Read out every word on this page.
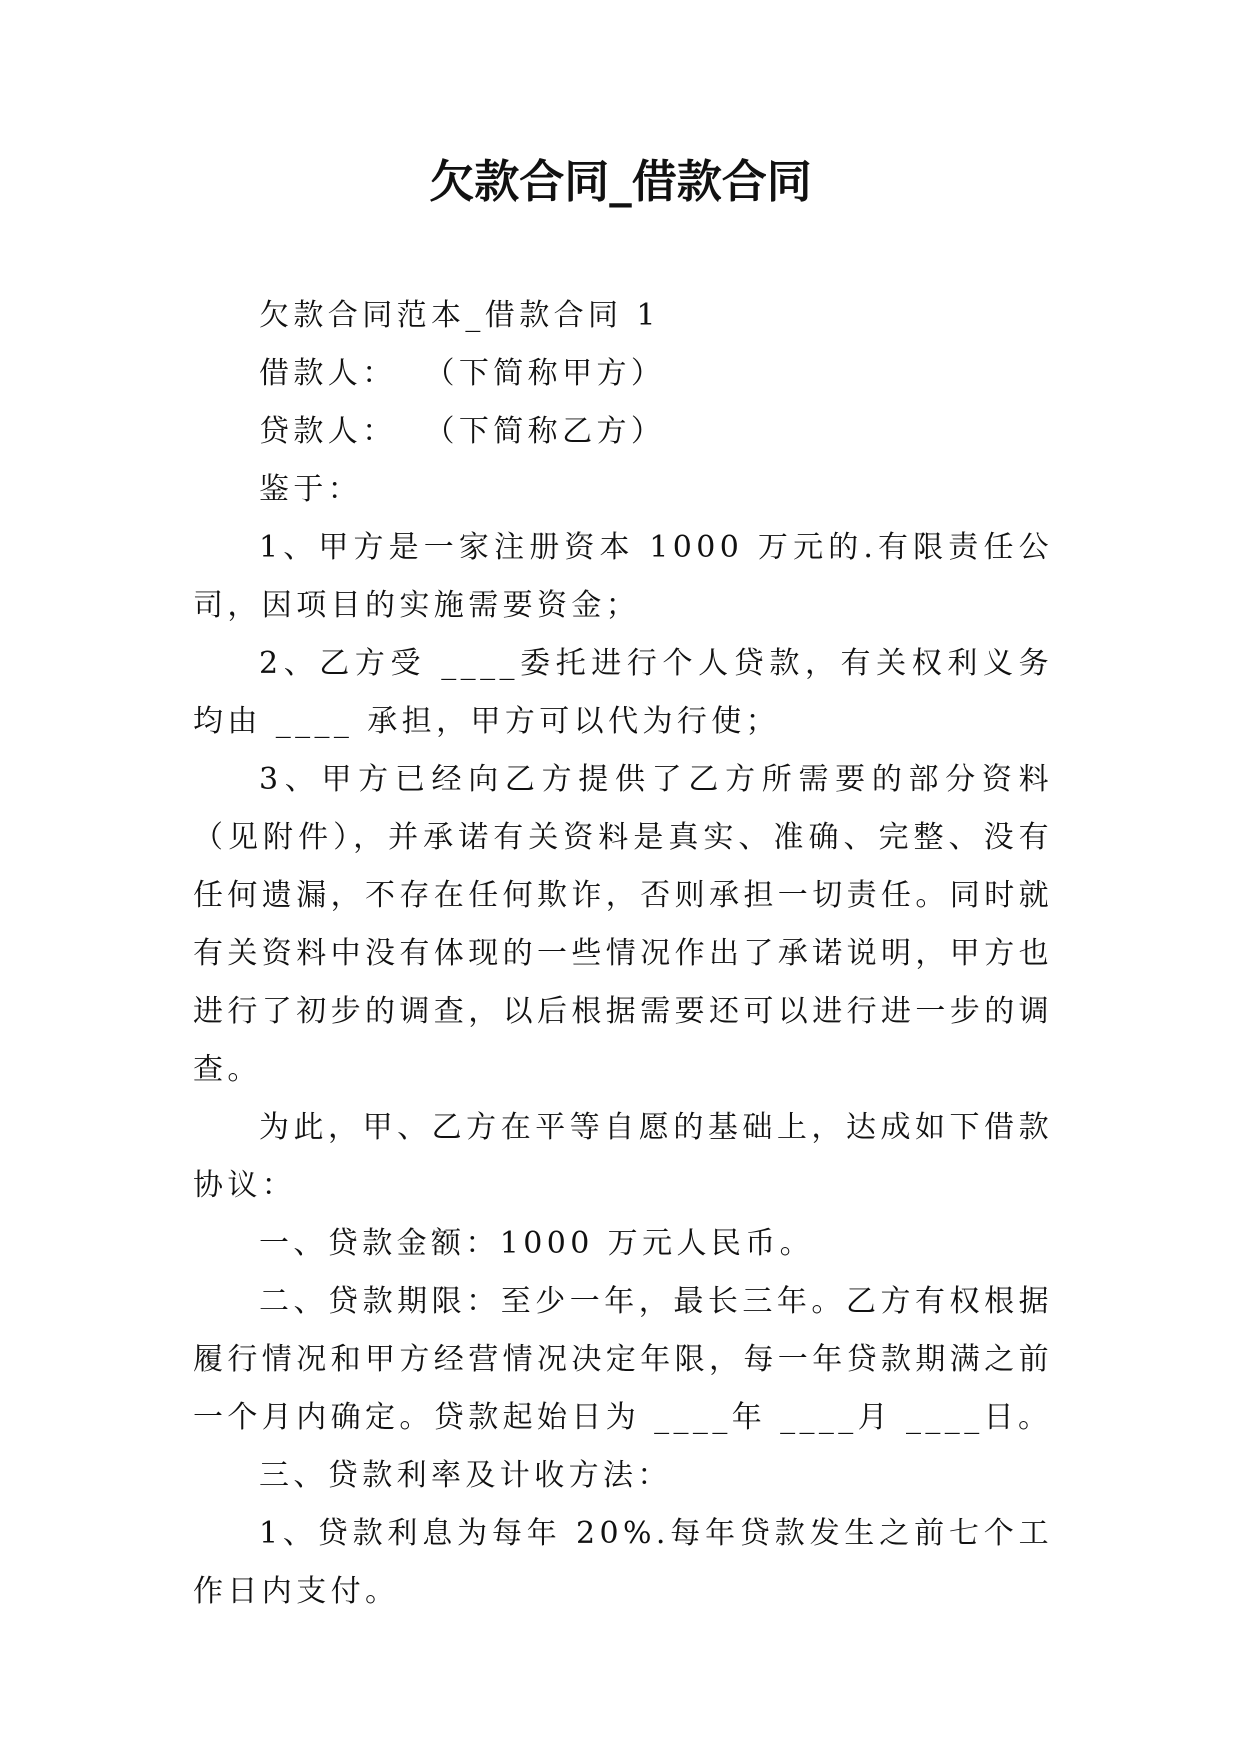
欠款合同_借款合同

欠款合同范本_借款合同 1

借款人：  （下简称甲方）

贷款人：  （下简称乙方）

鉴于：

1、甲方是一家注册资本 1000 万元的.有限责任公司，因项目的实施需要资金；

2、乙方受 ____委托进行个人贷款，有关权利义务均由 ____ 承担，甲方可以代为行使；

3、甲方已经向乙方提供了乙方所需要的部分资料（见附件），并承诺有关资料是真实、准确、完整、没有任何遗漏，不存在任何欺诈，否则承担一切责任。同时就有关资料中没有体现的一些情况作出了承诺说明，甲方也进行了初步的调查，以后根据需要还可以进行进一步的调查。

为此，甲、乙方在平等自愿的基础上，达成如下借款协议：

一、贷款金额：1000 万元人民币。

二、贷款期限：至少一年，最长三年。乙方有权根据履行情况和甲方经营情况决定年限，每一年贷款期满之前一个月内确定。贷款起始日为 ____年 ____月 ____日。

三、贷款利率及计收方法：

1、贷款利息为每年 20%.每年贷款发生之前七个工作日内支付。
